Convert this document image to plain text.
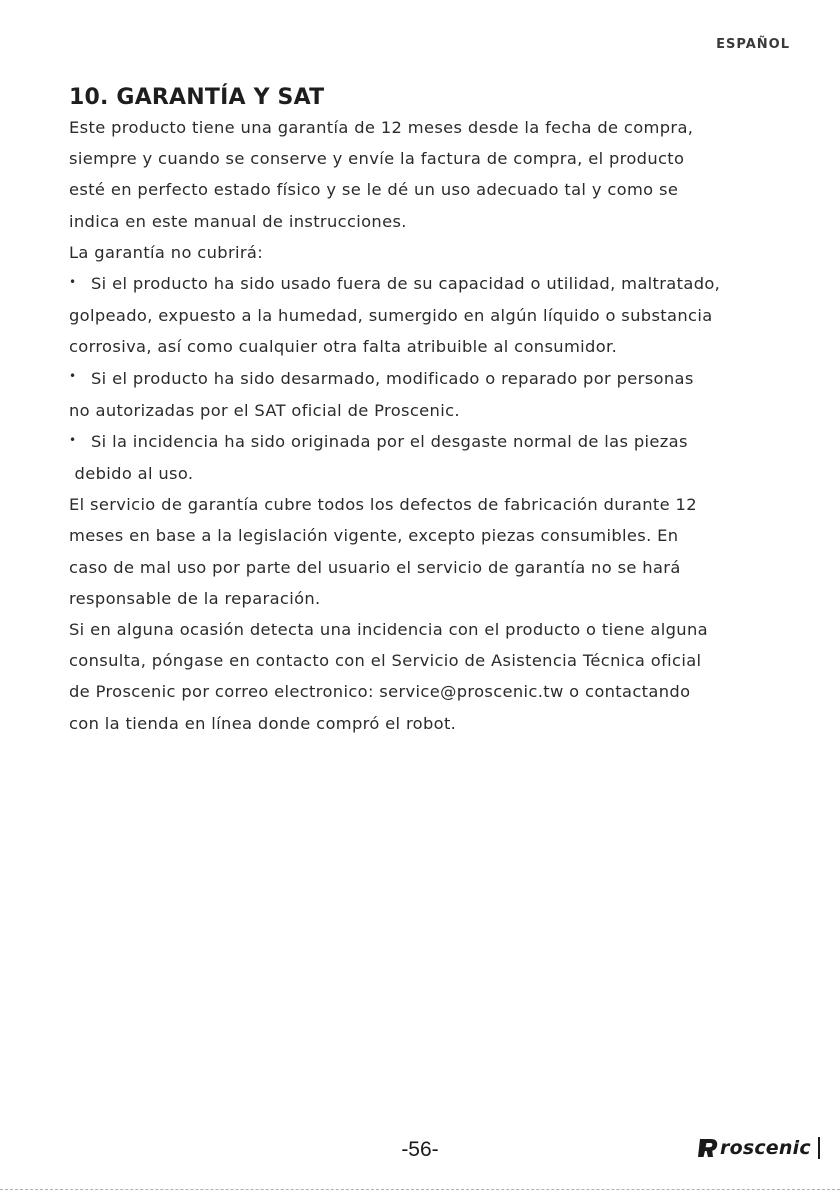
ESPAÑOL
10. GARANTÍA Y SAT
Este producto tiene una garantía de 12 meses desde la fecha de compra,
siempre y cuando se conserve y envíe la factura de compra, el producto
esté en perfecto estado físico y se le dé un uso adecuado tal y como se
indica en este manual de instrucciones.
La garantía no cubrirá:
• Si el producto ha sido usado fuera de su capacidad o utilidad, maltratado,
golpeado, expuesto a la humedad, sumergido en algún líquido o substancia
corrosiva, así como cualquier otra falta atribuible al consumidor.
• Si el producto ha sido desarmado, modificado o reparado por personas
no autorizadas por el SAT oficial de Proscenic.
• Si la incidencia ha sido originada por el desgaste normal de las piezas
debido al uso.
El servicio de garantía cubre todos los defectos de fabricación durante 12
meses en base a la legislación vigente, excepto piezas consumibles. En
caso de mal uso por parte del usuario el servicio de garantía no se hará
responsable de la reparación.
Si en alguna ocasión detecta una incidencia con el producto o tiene alguna
consulta, póngase en contacto con el Servicio de Asistencia Técnica oficial
de Proscenic por correo electronico: service@proscenic.tw o contactando
con la tienda en línea donde compró el robot.
-56-	roscenic
